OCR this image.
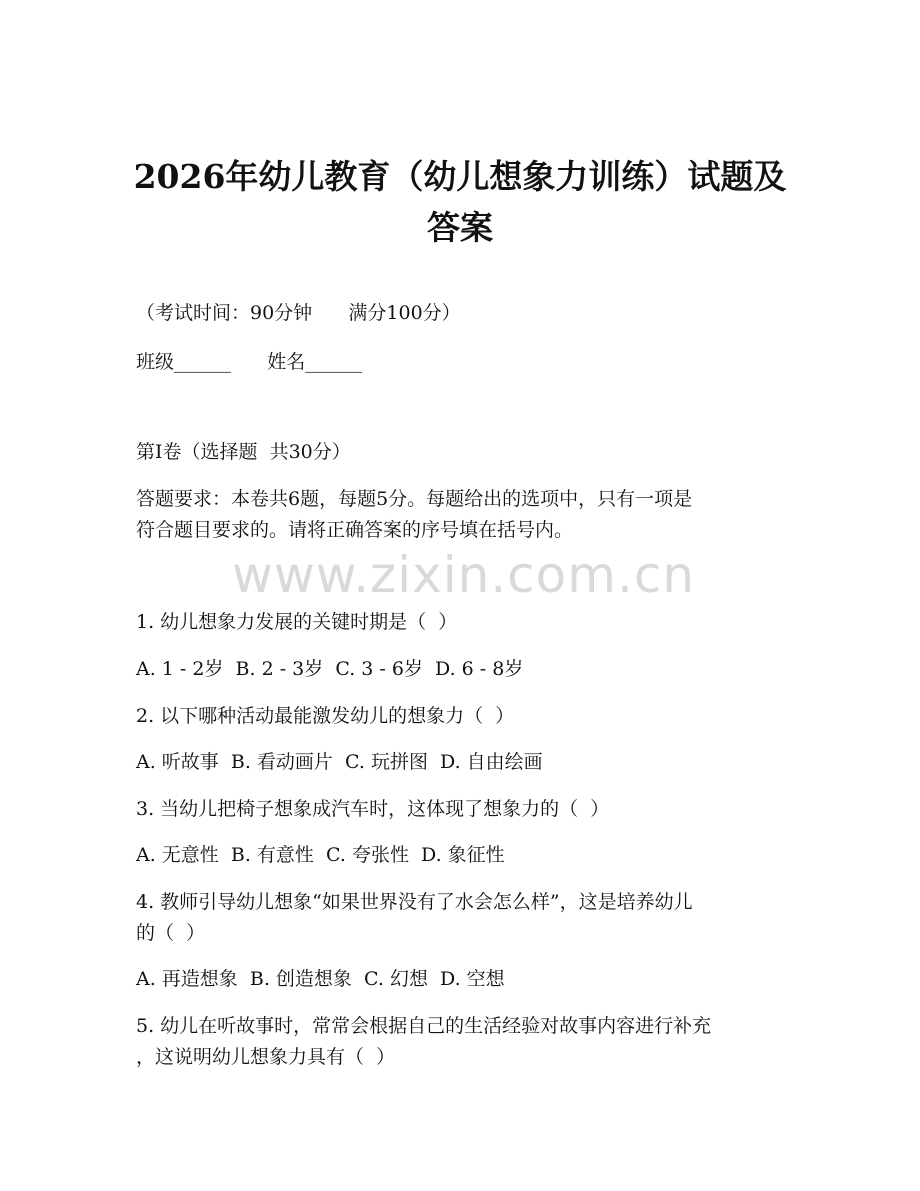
2026年幼儿教育（幼儿想象力训练）试题及
答案
（考试时间：90分钟      满分100分）
班级______      姓名______
第I卷（选择题  共30分）
答题要求：本卷共6题，每题5分。每题给出的选项中，只有一项是
符合题目要求的。请将正确答案的序号填在括号内。
www.zixin.com.cn
1. 幼儿想象力发展的关键时期是（  ）
A. 1 - 2岁  B. 2 - 3岁  C. 3 - 6岁  D. 6 - 8岁
2. 以下哪种活动最能激发幼儿的想象力（  ）
A. 听故事  B. 看动画片  C. 玩拼图  D. 自由绘画
3. 当幼儿把椅子想象成汽车时，这体现了想象力的（  ）
A. 无意性  B. 有意性  C. 夸张性  D. 象征性
4. 教师引导幼儿想象“如果世界没有了水会怎么样”，这是培养幼儿
的（  ）
A. 再造想象  B. 创造想象  C. 幻想  D. 空想
5. 幼儿在听故事时，常常会根据自己的生活经验对故事内容进行补充
，这说明幼儿想象力具有（  ）
